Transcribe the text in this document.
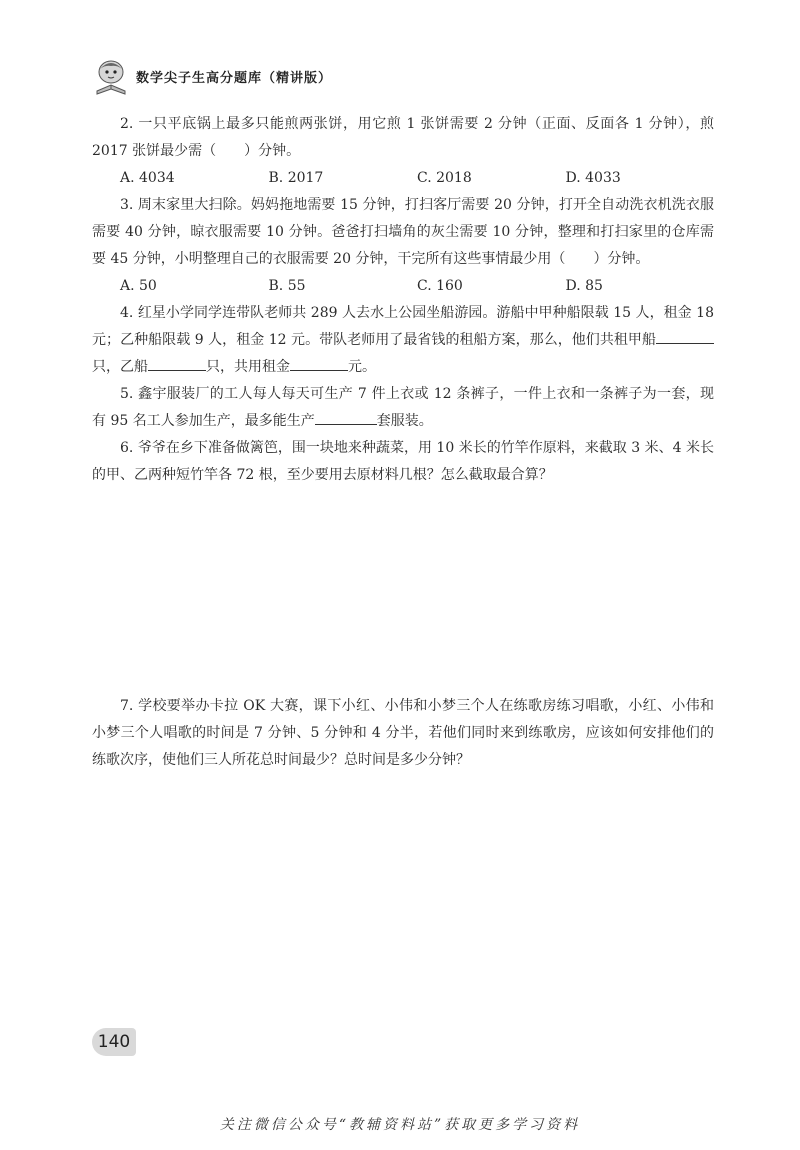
数学尖子生高分题库（精讲版）

2. 一只平底锅上最多只能煎两张饼，用它煎 1 张饼需要 2 分钟（正面、反面各 1 分钟），煎 2017 张饼最少需（ ）分钟。

A. 4034	B. 2017	C. 2018	D. 4033

3. 周末家里大扫除。妈妈拖地需要 15 分钟，打扫客厅需要 20 分钟，打开全自动洗衣机洗衣服需要 40 分钟，晾衣服需要 10 分钟。爸爸打扫墙角的灰尘需要 10 分钟，整理和打扫家里的仓库需要 45 分钟，小明整理自己的衣服需要 20 分钟，干完所有这些事情最少用（ ）分钟。

A. 50	B. 55	C. 160	D. 85

4. 红星小学同学连带队老师共 289 人去水上公园坐船游园。游船中甲种船限载 15 人，租金 18 元；乙种船限载 9 人，租金 12 元。带队老师用了最省钱的租船方案，那么，他们共租甲船只，乙船	只，共用租金	元。

5. 鑫宇服装厂的工人每人每天可生产 7 件上衣或 12 条裤子，一件上衣和一条裤子为一套，现有 95 名工人参加生产，最多能生产	套服装。

6. 爷爷在乡下准备做篱笆，围一块地来种蔬菜，用 10 米长的竹竿作原料，来截取 3 米、4 米长的甲、乙两种短竹竿各 72 根，至少要用去原材料几根？怎么截取最合算？

7. 学校要举办卡拉 OK 大赛，课下小红、小伟和小梦三个人在练歌房练习唱歌，小红、小伟和小梦三个人唱歌的时间是 7 分钟、5 分钟和 4 分半，若他们同时来到练歌房，应该如何安排他们的练歌次序，使他们三人所花总时间最少？总时间是多少分钟？

140
关注微信公众号“教辅资料站”获取更多学习资料
